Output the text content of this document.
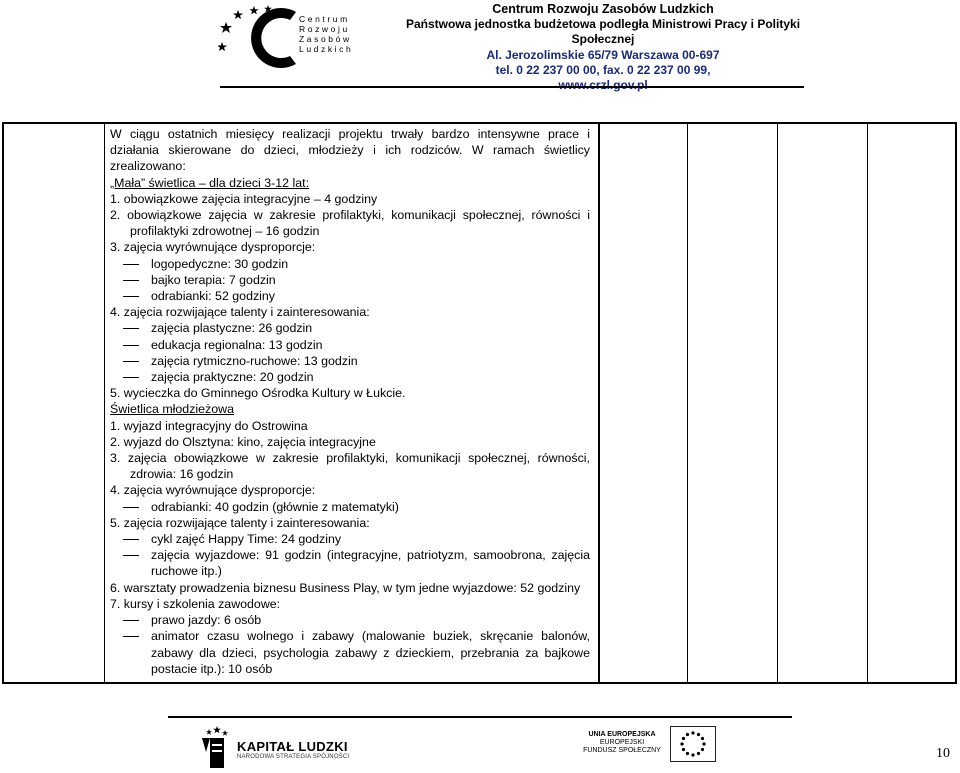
Centrum
Rozwoju
Zasobów
Ludzkich
Centrum Rozwoju Zasobów Ludzkich
Państwowa jednostka budżetowa podległa Ministrowi Pracy i Polityki Społecznej
Al. Jerozolimskie 65/79 Warszawa 00-697
tel. 0 22 237 00 00, fax. 0 22 237 00 99,

W ciągu ostatnich miesięcy realizacji projektu trwały bardzo intensywne prace i działania skierowane do dzieci, młodzieży i ich rodziców. W ramach świetlicy zrealizowano:

„Mała” świetlica – dla dzieci 3-12 lat:

1. obowiązkowe zajęcia integracyjne – 4 godziny
2. obowiązkowe zajęcia w zakresie profilaktyki, komunikacji społecznej, równości i profilaktyki zdrowotnej – 16 godzin
3. zajęcia wyrównujące dysproporcje:
logopedyczne: 30 godzin
bajko terapia: 7 godzin
odrabianki: 52 godziny
4. zajęcia rozwijające talenty i zainteresowania:
zajęcia plastyczne: 26 godzin
edukacja regionalna: 13 godzin
zajęcia rytmiczno-ruchowe: 13 godzin
zajęcia praktyczne: 20 godzin
5. wycieczka do Gminnego Ośrodka Kultury w Łukcie.

Świetlica młodzieżowa

1. wyjazd integracyjny do Ostrowina
2. wyjazd do Olsztyna: kino, zajęcia integracyjne
3. zajęcia obowiązkowe w zakresie profilaktyki, komunikacji społecznej, równości, zdrowia: 16 godzin
4. zajęcia wyrównujące dysproporcje:
odrabianki: 40 godzin (głównie z matematyki)
5. zajęcia rozwijające talenty i zainteresowania:
cykl zajęć Happy Time: 24 godziny
zajęcia wyjazdowe: 91 godzin (integracyjne, patriotyzm, samoobrona, zajęcia ruchowe itp.)
6. warsztaty prowadzenia biznesu Business Play, w tym jedne wyjazdowe: 52 godziny
7. kursy i szkolenia zawodowe:
prawo jazdy: 6 osób
animator czasu wolnego i zabawy (malowanie buziek, skręcanie balonów, zabawy dla dzieci, psychologia zabawy z dzieckiem, przebrania za bajkowe postacie itp.): 10 osób
KAPITAŁ LUDZKI
NARODOWA STRATEGIA SPÓJNOŚCI
UNIA EUROPEJSKA
EUROPEJSKI
FUNDUSZ SPOŁECZNY	10
